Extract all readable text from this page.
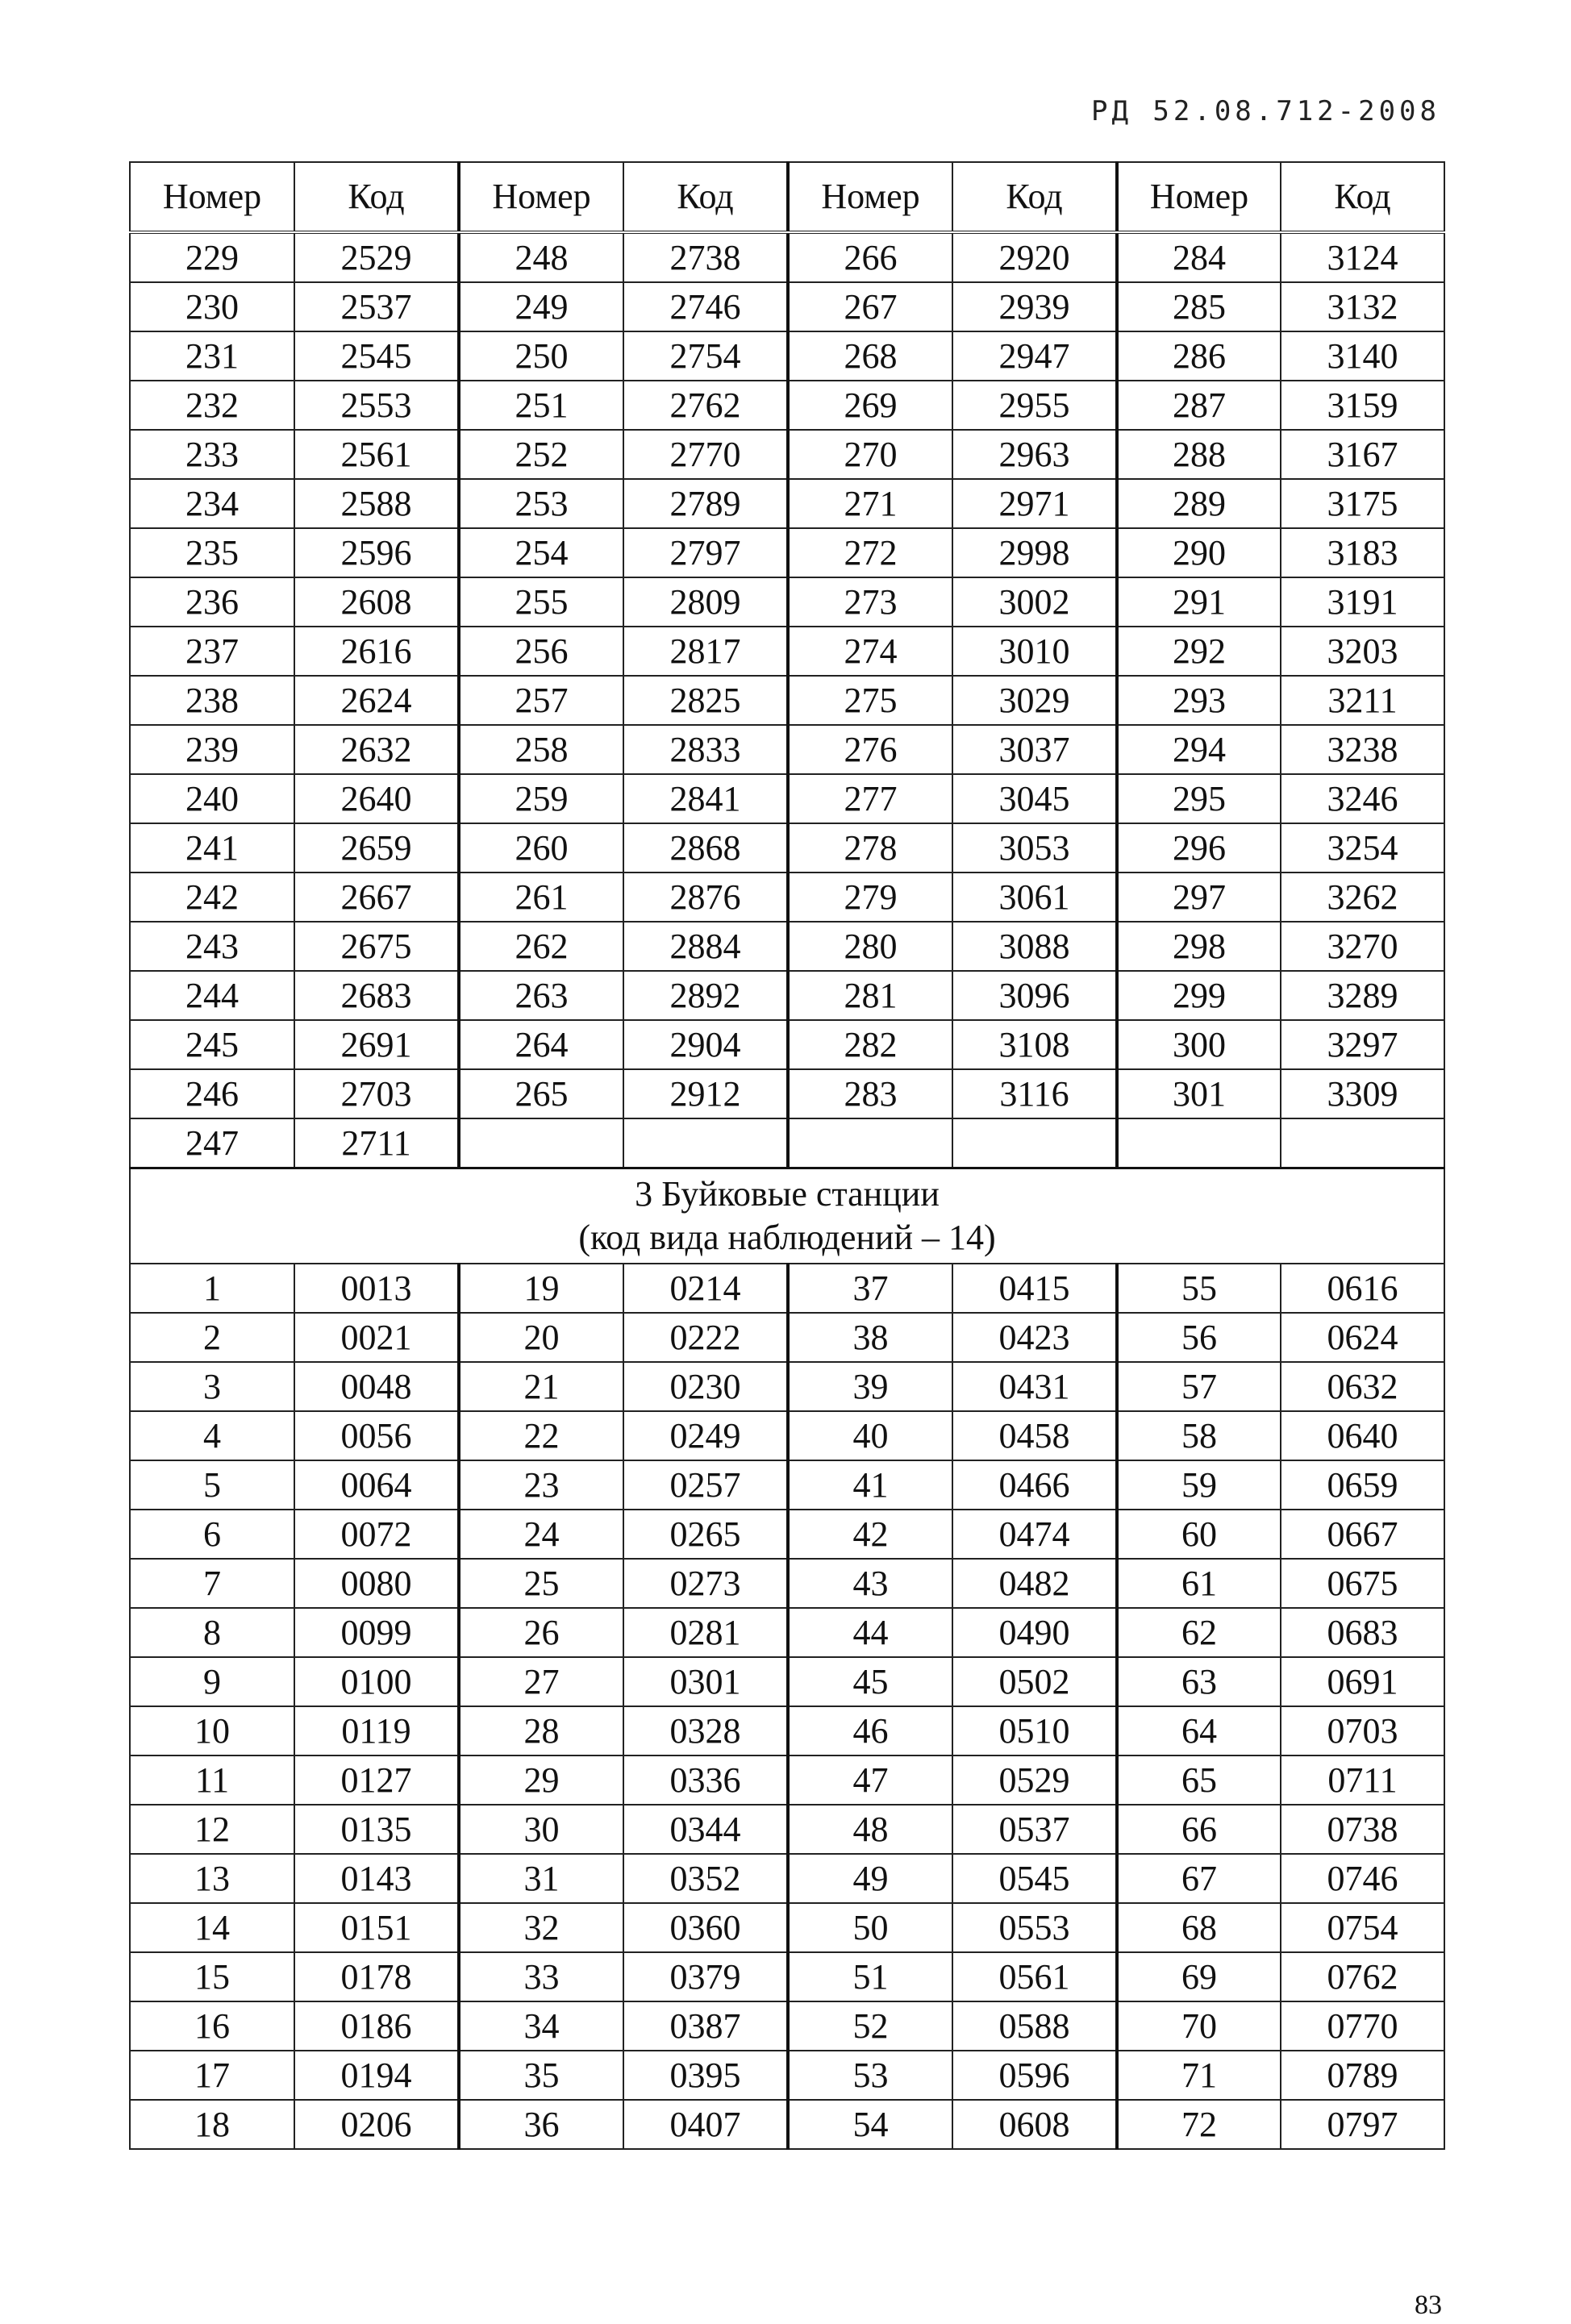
РД 52.08.712-2008
Номер	Код	Номер	Код	Номер	Код	Номер	Код
229	2529	248	2738	266	2920	284	3124
230	2537	249	2746	267	2939	285	3132
231	2545	250	2754	268	2947	286	3140
232	2553	251	2762	269	2955	287	3159
233	2561	252	2770	270	2963	288	3167
234	2588	253	2789	271	2971	289	3175
235	2596	254	2797	272	2998	290	3183
236	2608	255	2809	273	3002	291	3191
237	2616	256	2817	274	3010	292	3203
238	2624	257	2825	275	3029	293	3211
239	2632	258	2833	276	3037	294	3238
240	2640	259	2841	277	3045	295	3246
241	2659	260	2868	278	3053	296	3254
242	2667	261	2876	279	3061	297	3262
243	2675	262	2884	280	3088	298	3270
244	2683	263	2892	281	3096	299	3289
245	2691	264	2904	282	3108	300	3297
246	2703	265	2912	283	3116	301	3309
247	2711						

3 Буйковые станции
(код вида наблюдений – 14)							

1	0013	19	0214	37	0415	55	0616
2	0021	20	0222	38	0423	56	0624
3	0048	21	0230	39	0431	57	0632
4	0056	22	0249	40	0458	58	0640
5	0064	23	0257	41	0466	59	0659
6	0072	24	0265	42	0474	60	0667
7	0080	25	0273	43	0482	61	0675
8	0099	26	0281	44	0490	62	0683
9	0100	27	0301	45	0502	63	0691
10	0119	28	0328	46	0510	64	0703
11	0127	29	0336	47	0529	65	0711
12	0135	30	0344	48	0537	66	0738
13	0143	31	0352	49	0545	67	0746
14	0151	32	0360	50	0553	68	0754
15	0178	33	0379	51	0561	69	0762
16	0186	34	0387	52	0588	70	0770
17	0194	35	0395	53	0596	71	0789
18	0206	36	0407	54	0608	72	0797
83
